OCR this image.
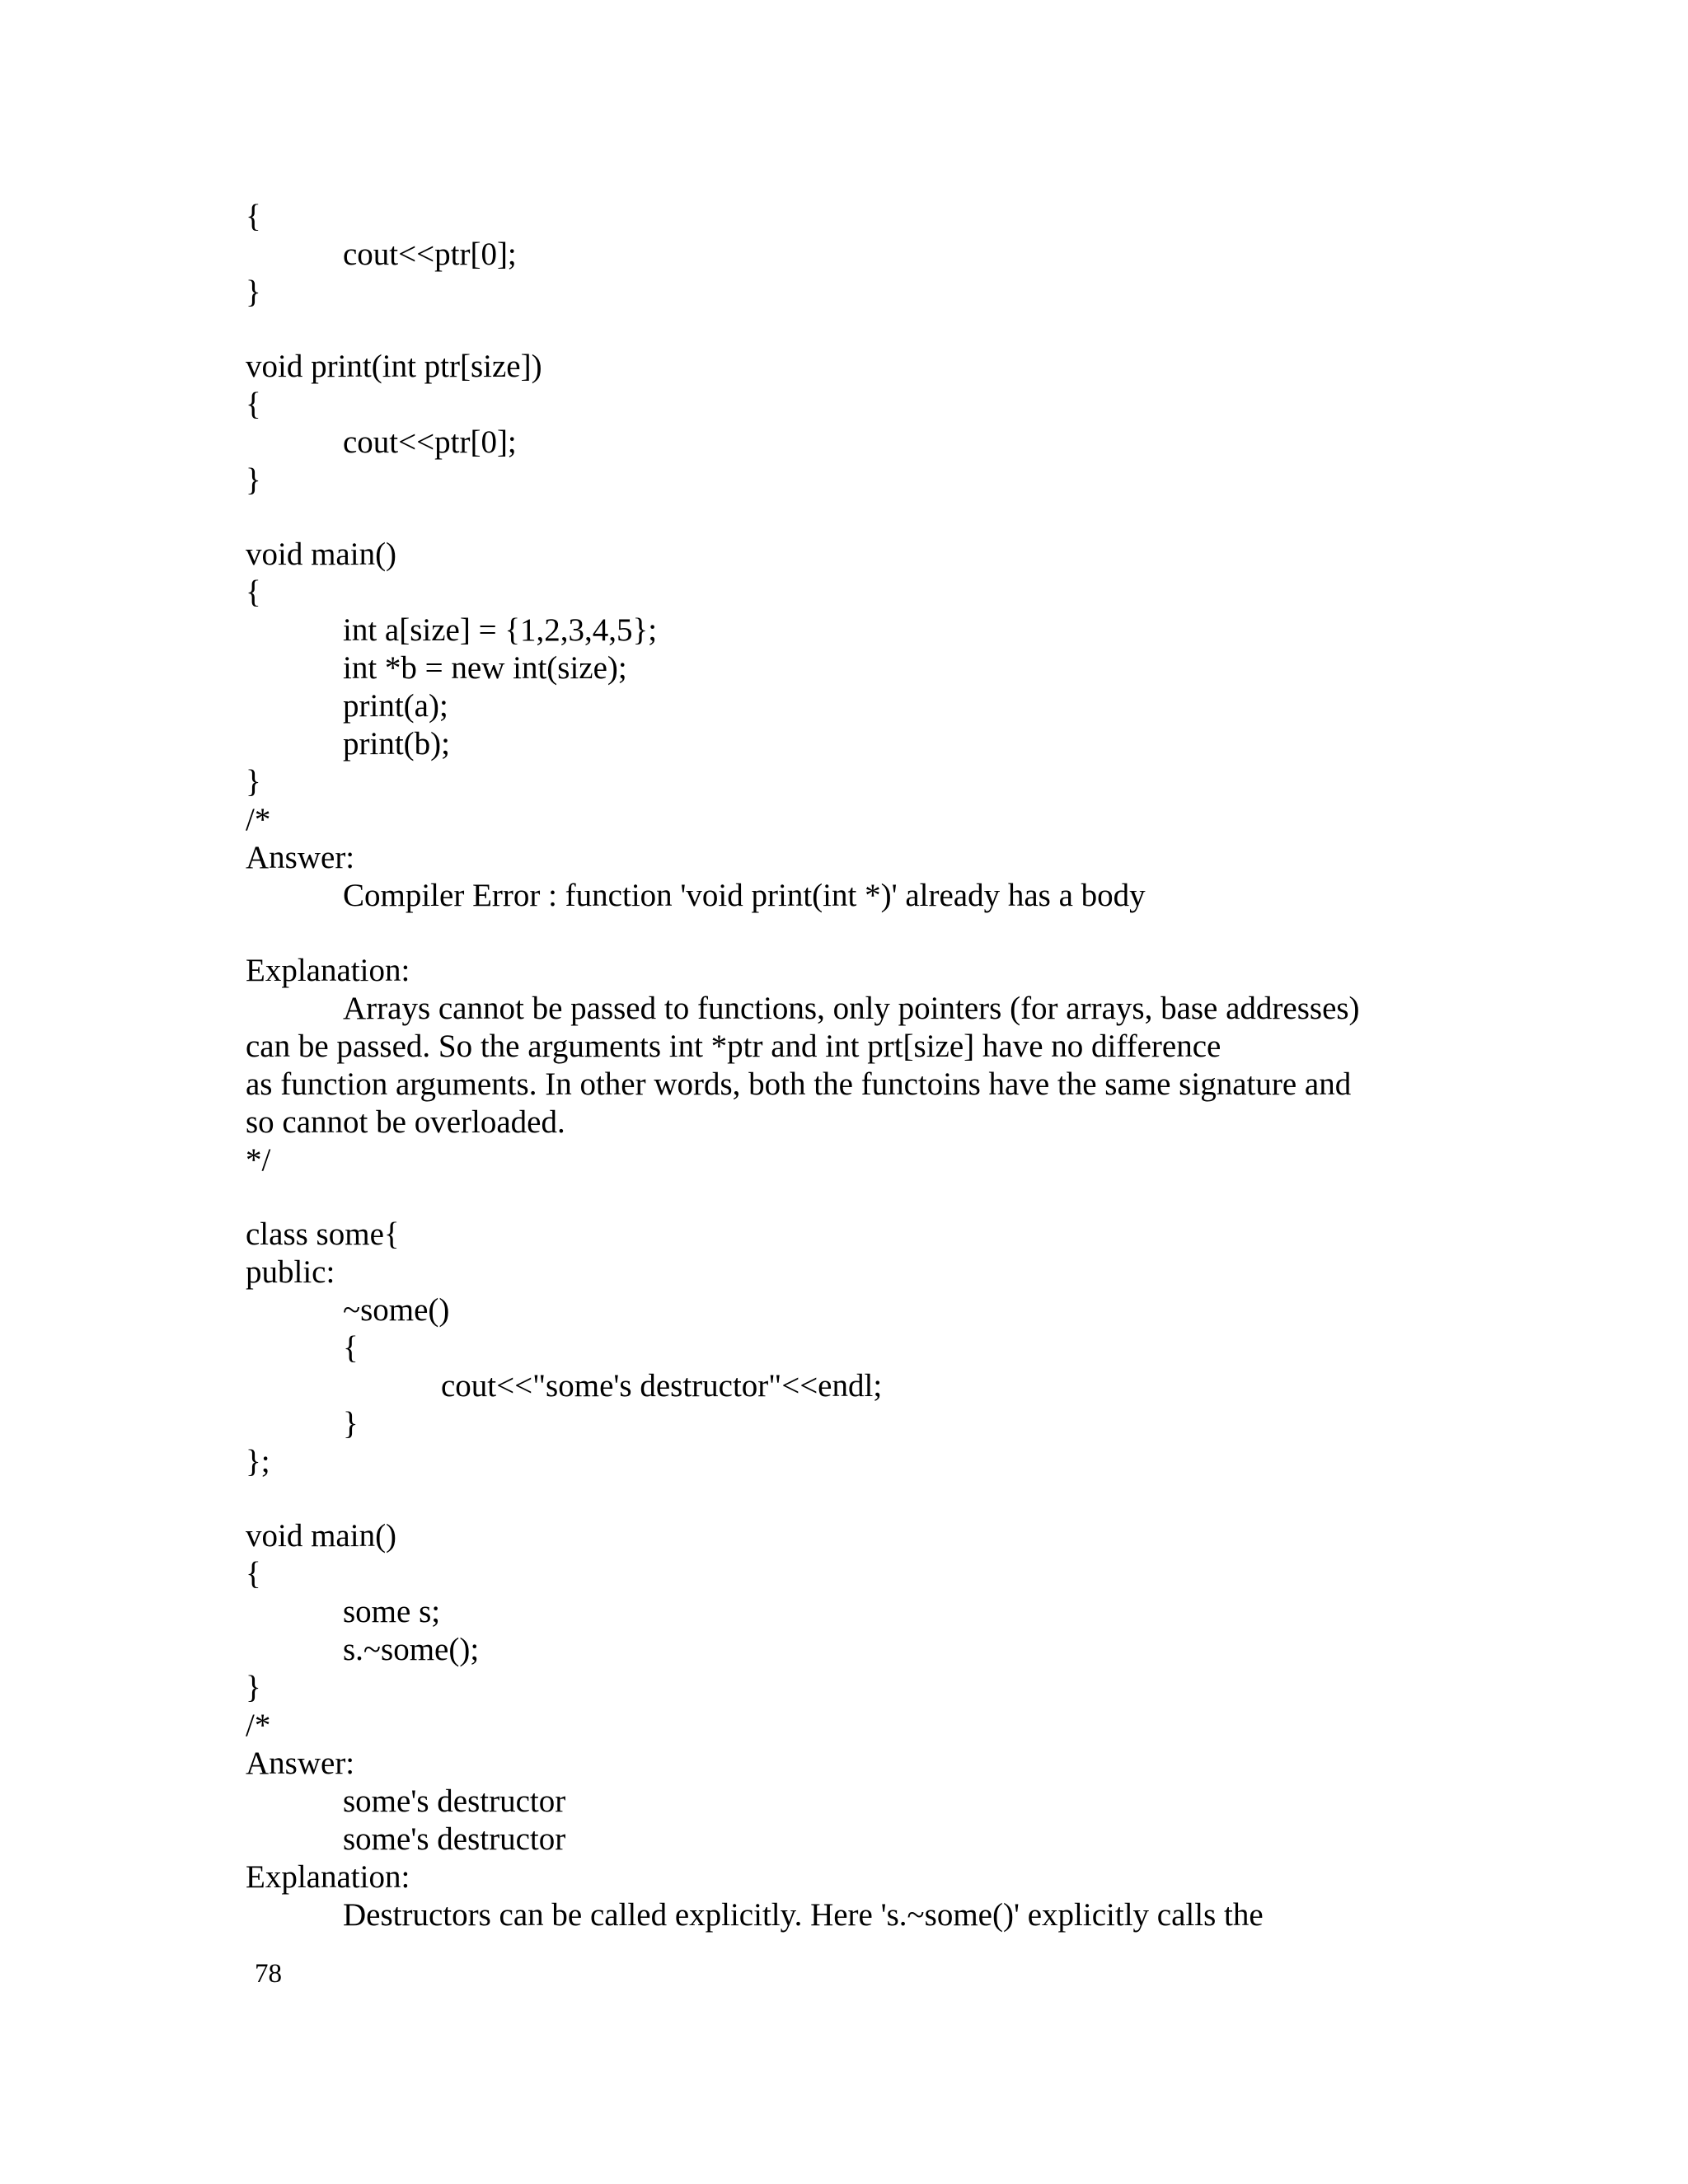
{
cout<<ptr[0];
}
void print(int ptr[size])
{
cout<<ptr[0];
}
void main()
{
int a[size] = {1,2,3,4,5};
int *b = new int(size);
print(a);
print(b);
}
/*
Answer:
Compiler Error : function 'void print(int *)' already has a body
Explanation:
Arrays cannot be passed to functions, only pointers (for arrays, base addresses)
can be passed. So the arguments int *ptr and int prt[size] have no difference
as function arguments. In other words, both the functoins have the same signature and
so cannot be overloaded.
*/
class some{
public:
~some()
{
cout<<"some's destructor"<<endl;
}
};
void main()
{
some s;
s.~some();
}
/*
Answer:
some's destructor
some's destructor
Explanation:
Destructors can be called explicitly. Here 's.~some()' explicitly calls the
78
